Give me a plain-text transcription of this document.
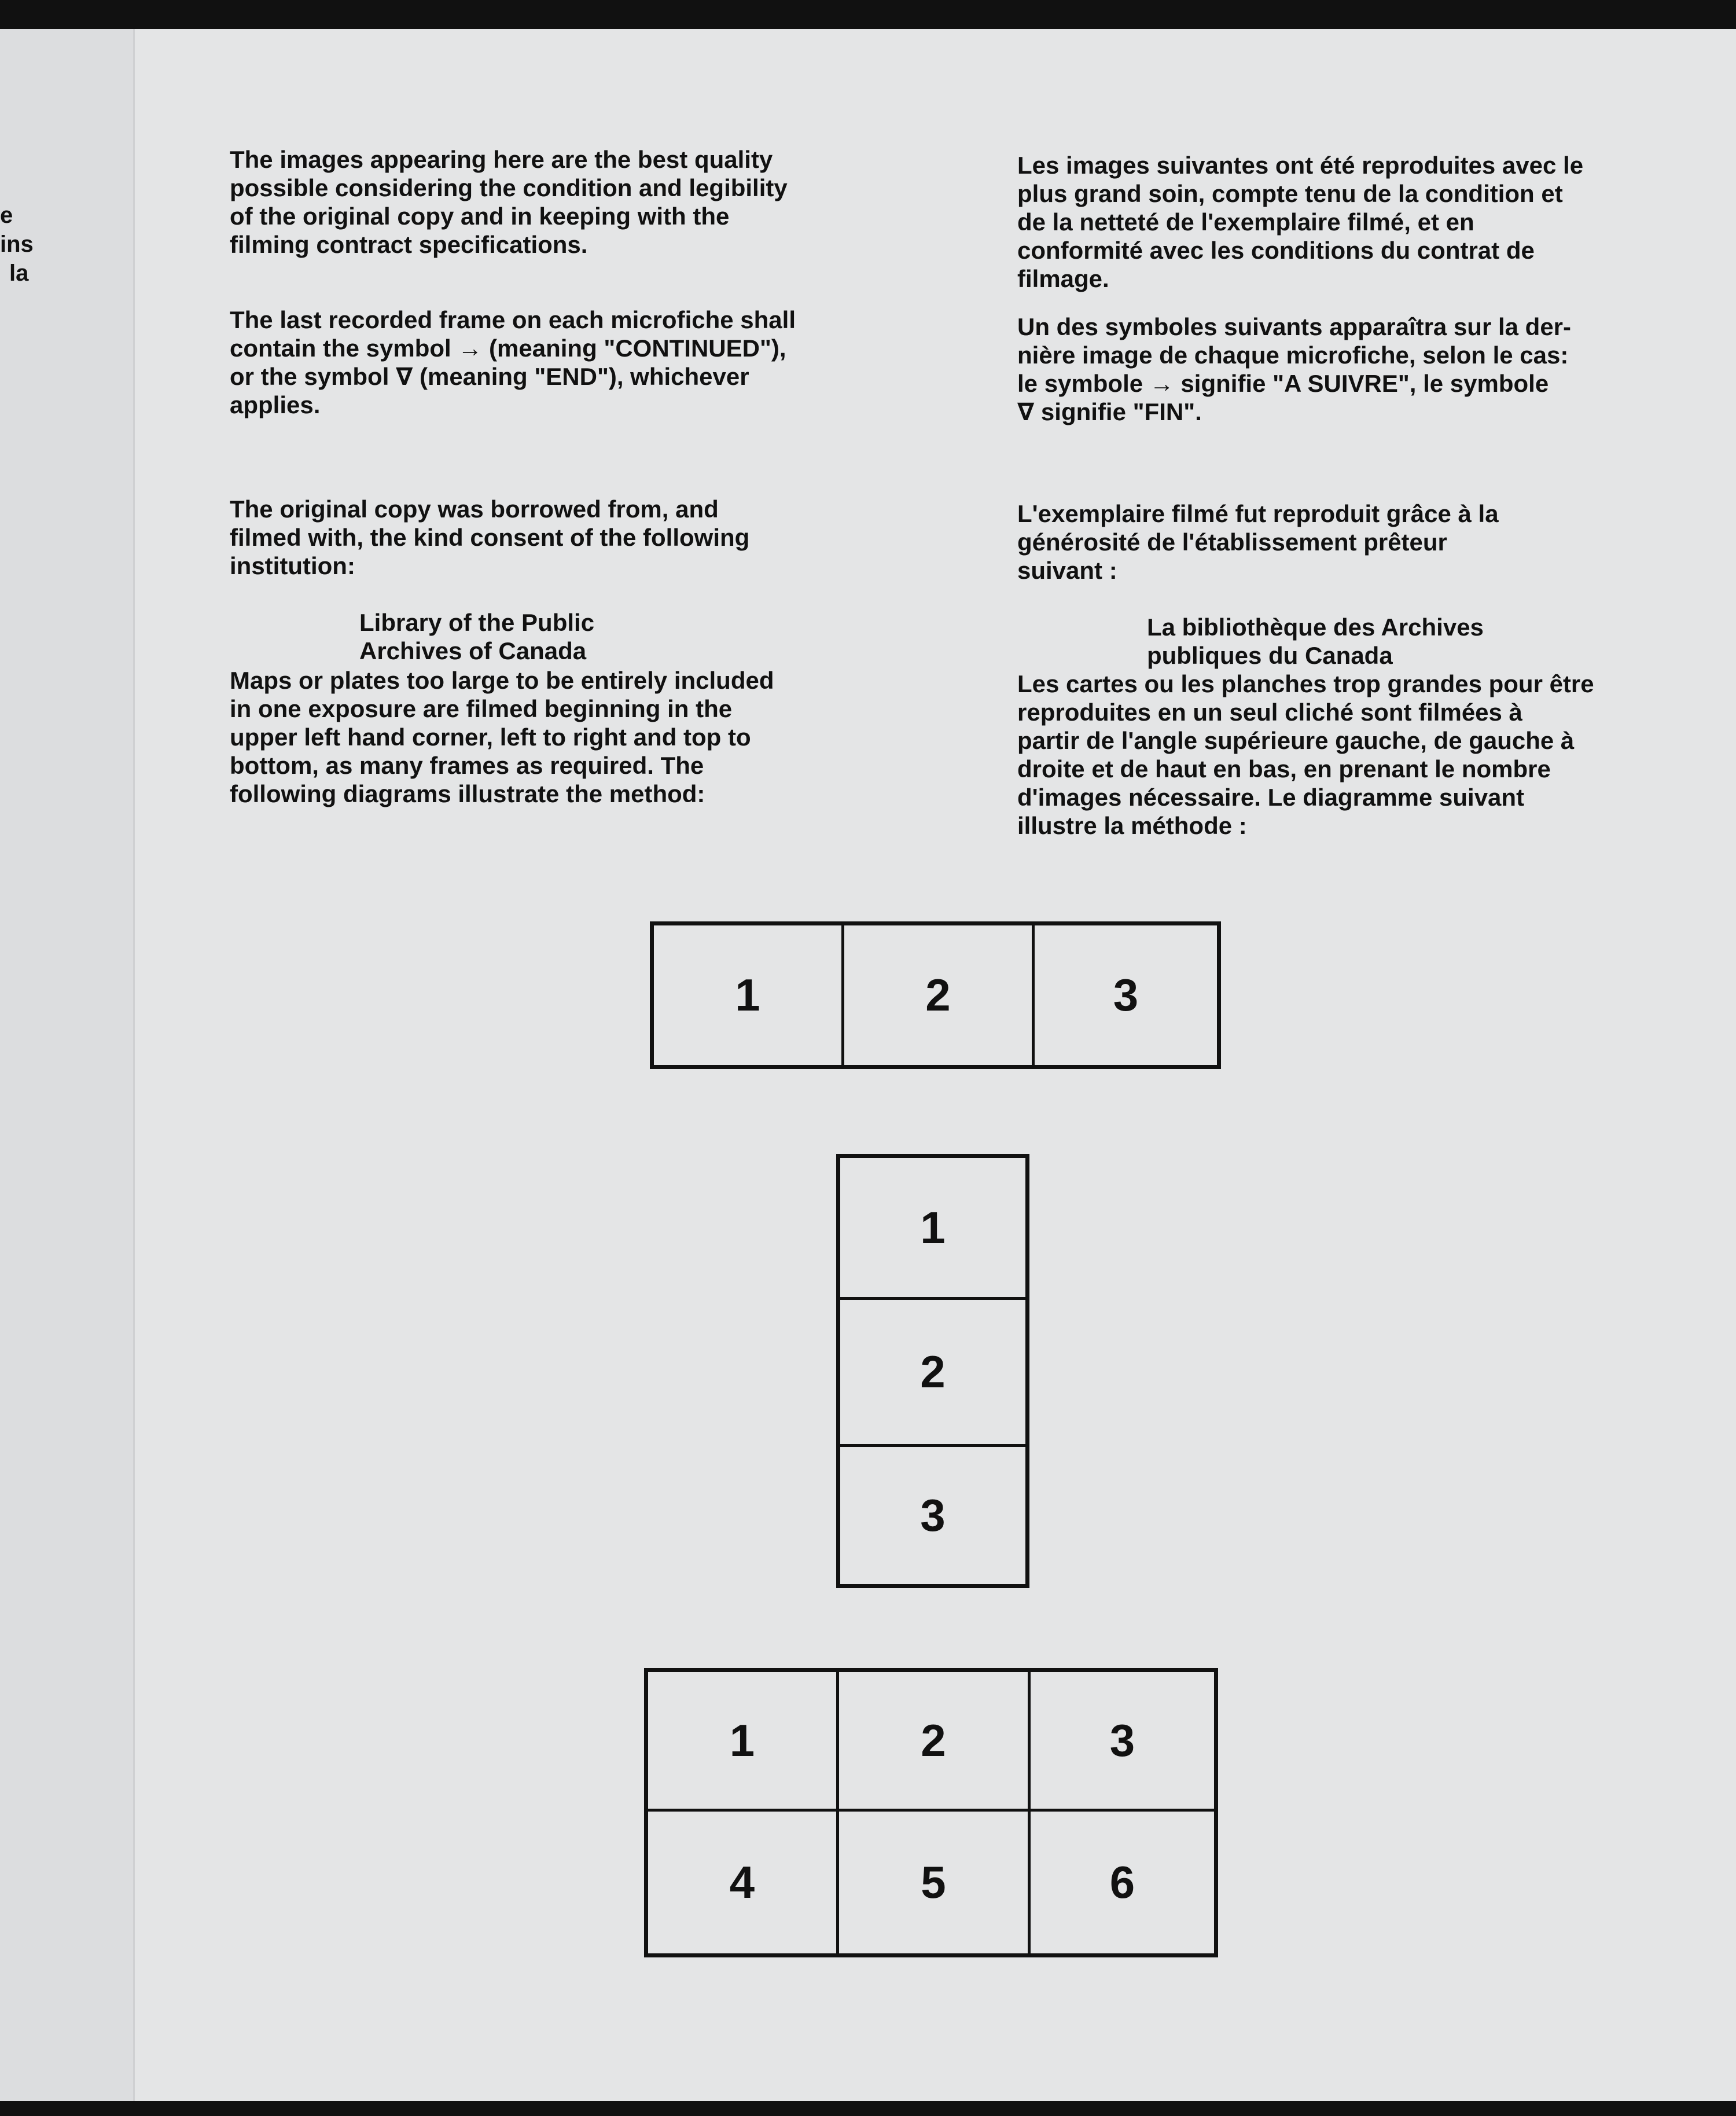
e
ins
la

The images appearing here are the best quality
possible considering the condition and legibility
of the original copy and in keeping with the
filming contract specifications.

The last recorded frame on each microfiche shall
contain the symbol → (meaning "CONTINUED"),
or the symbol ∇ (meaning "END"), whichever
applies.

The original copy was borrowed from, and
filmed with, the kind consent of the following
institution:

Library of the Public
Archives of Canada

Maps or plates too large to be entirely included
in one exposure are filmed beginning in the
upper left hand corner, left to right and top to
bottom, as many frames as required. The
following diagrams illustrate the method:

Les images suivantes ont été reproduites avec le
plus grand soin, compte tenu de la condition et
de la netteté de l'exemplaire filmé, et en
conformité avec les conditions du contrat de
filmage.

Un des symboles suivants apparaîtra sur la der-
nière image de chaque microfiche, selon le cas:
le symbole → signifie "A SUIVRE", le symbole
∇ signifie "FIN".

L'exemplaire filmé fut reproduit grâce à la
générosité de l'établissement prêteur
suivant :

La bibliothèque des Archives
publiques du Canada

Les cartes ou les planches trop grandes pour être
reproduites en un seul cliché sont filmées à
partir de l'angle supérieure gauche, de gauche à
droite et de haut en bas, en prenant le nombre
d'images nécessaire. Le diagramme suivant
illustre la méthode :

1	2	3
1
2
3
1	2	3
4	5	6
